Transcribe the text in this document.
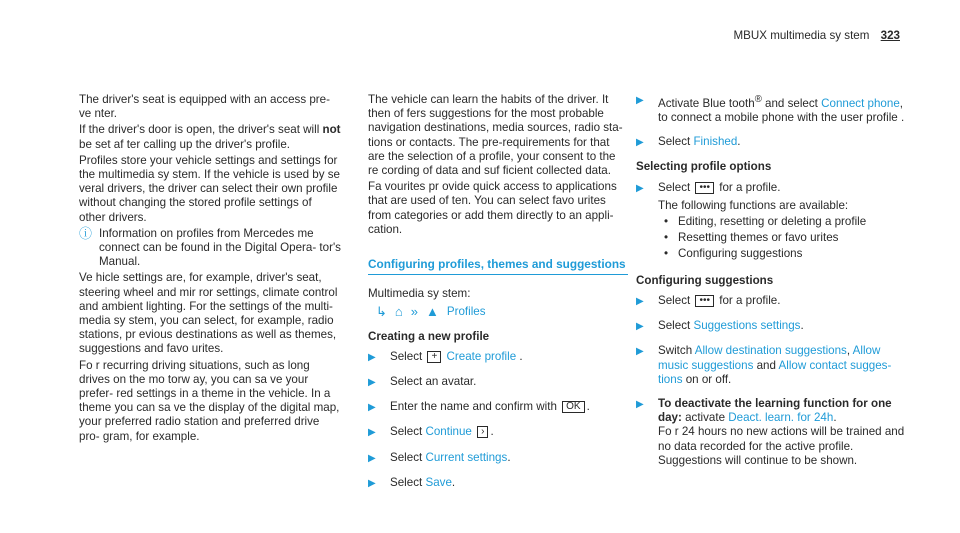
MBUX multimedia sy stem 323

The driver's seat is equipped with an access pre‐ve nter.

If the driver's door is open, the driver's seat will not be set af ter calling up the driver's profile.

Profiles store your vehicle settings and settings for the multimedia sy stem. If the vehicle is used by se veral drivers, the driver can select their own profile without changing the stored profile settings of other drivers.

ⓘ Information on profiles from Mercedes me connect can be found in the Digital Opera‐ tor's Manual.

Ve hicle settings are, for example, driver's seat, steering wheel and mir ror settings, climate control and ambient lighting. For the settings of the multi‐ media sy stem, you can select, for example, radio stations, pr evious destinations as well as themes, suggestions and favo urites.

Fo r recurring driving situations, such as long drives on the mo torw ay, you can sa ve your prefer‐ red settings in a theme in the vehicle. In a theme you can sa ve the display of the digital map, your preferred radio station and preferred drive pro‐ gram, for example.

The vehicle can learn the habits of the driver. It then of fers suggestions for the most probable navigation destinations, media sources, radio sta‐ tions or contacts. The pre-requirements for that are the selection of a profile, your consent to the re cording of data and suf ficient collected data.

Fa vourites pr ovide quick access to applications that are used of ten. You can select favo urites from categories or add them directly to an appli‐ cation.

Configuring profiles, themes and suggestions

Multimedia sy stem:

↳ ⌂ » ▲ Profiles
Creating a new profile
▶	Select + Create profile .
▶	Select an avatar.
▶	Enter the name and confirm with OK .
▶	Select Continue › .
▶	Select Current settings.
▶	Select Save.
▶	Activate Blue tooth® and select Connect phone, to connect a mobile phone with the user profile .
▶	Select Finished.
Selecting profile options
▶	Select ••• for a profile.
The following functions are available:
• Editing, resetting or deleting a profile
• Resetting themes or favo urites
• Configuring suggestions
Configuring suggestions
▶	Select ••• for a profile.
▶	Select Suggestions settings.
▶	Switch Allow destination suggestions, Allow music suggestions and Allow contact sugges‐ tions on or off.
▶	To deactivate the learning function for one day: activate Deact. learn. for 24h.
Fo r 24 hours no new actions will be trained and no data recorded for the active profile. Suggestions will continue to be shown.
